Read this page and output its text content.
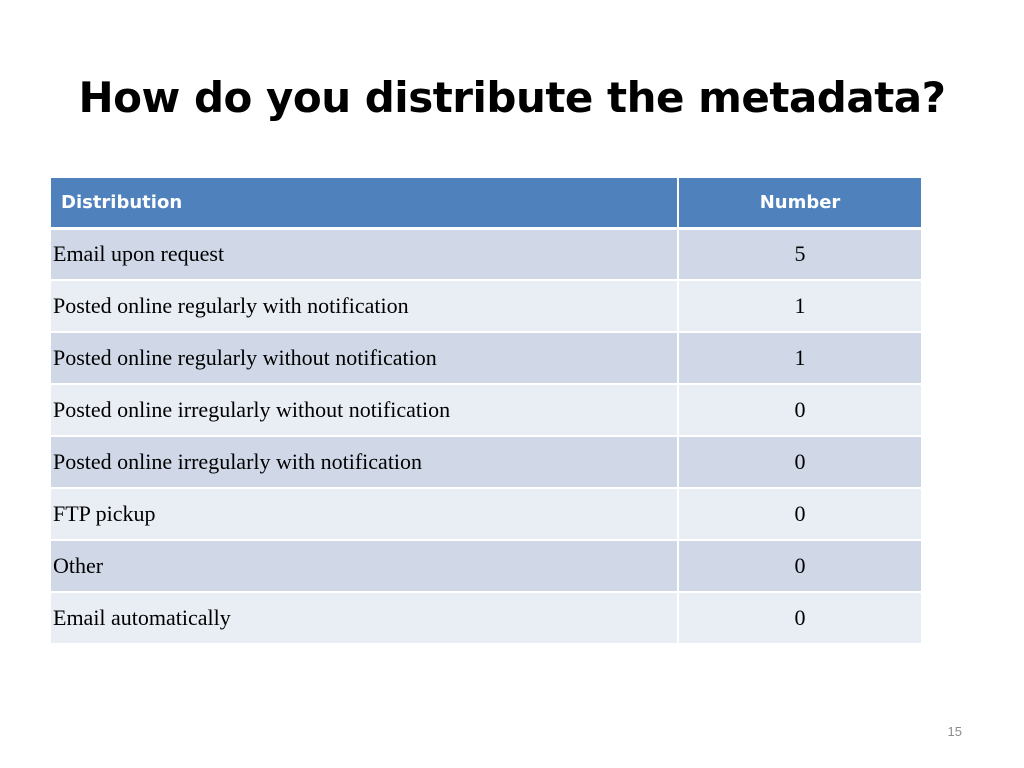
How do you distribute the metadata?
Distribution	Number
Email upon request	5
Posted online regularly with notification	1
Posted online regularly without notification	1
Posted online irregularly without notification	0
Posted online irregularly with notification	0
FTP pickup	0
Other	0
Email automatically	0
15
